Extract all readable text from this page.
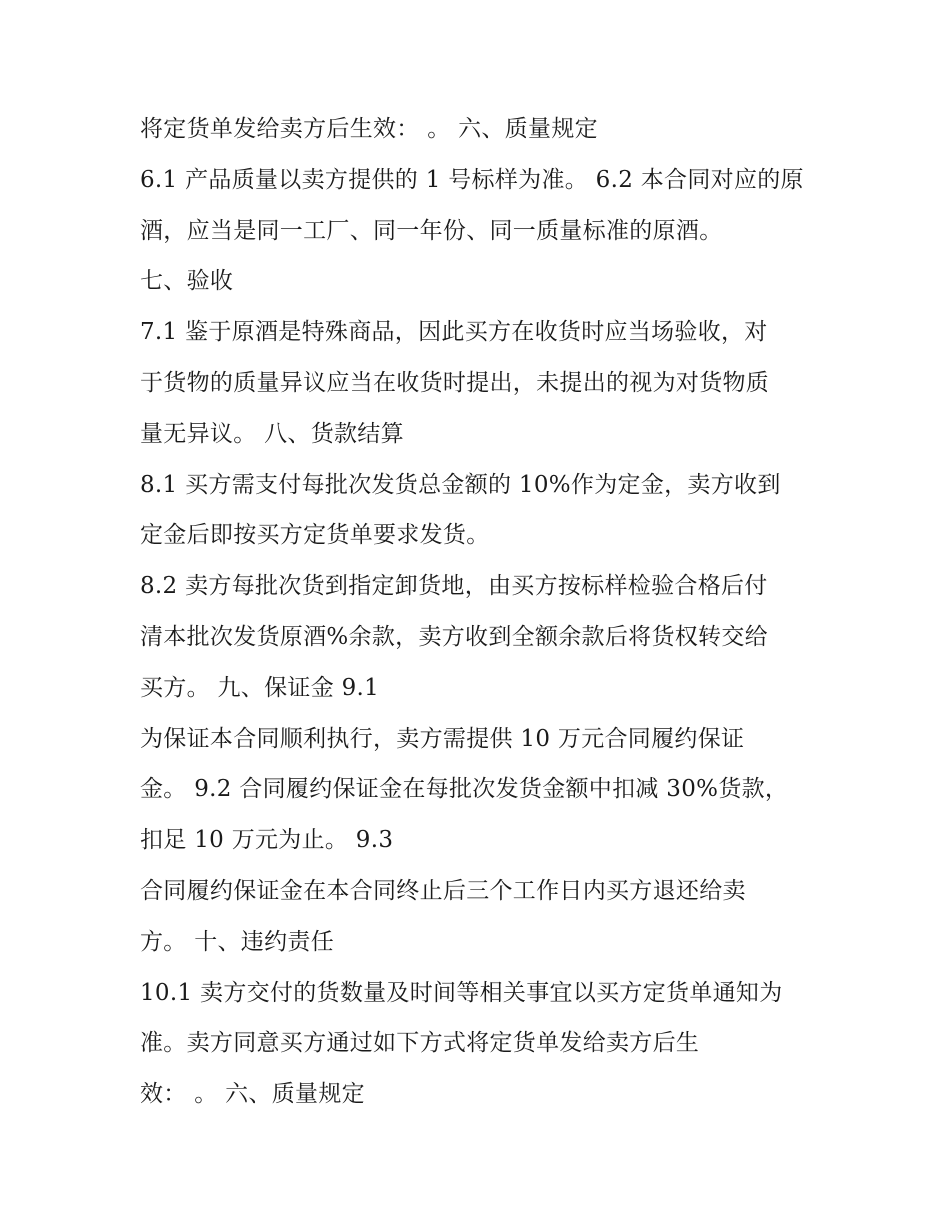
将定货单发给卖方后生效： 。 六、质量规定
6.1 产品质量以卖方提供的 1 号标样为准。 6.2 本合同对应的原
酒，应当是同一工厂、同一年份、同一质量标准的原酒。
七、验收
7.1 鉴于原酒是特殊商品，因此买方在收货时应当场验收，对
于货物的质量异议应当在收货时提出，未提出的视为对货物质
量无异议。 八、货款结算
8.1 买方需支付每批次发货总金额的 10%作为定金，卖方收到
定金后即按买方定货单要求发货。
8.2 卖方每批次货到指定卸货地，由买方按标样检验合格后付
清本批次发货原酒%余款，卖方收到全额余款后将货权转交给
买方。 九、保证金 9.1
为保证本合同顺利执行，卖方需提供 10 万元合同履约保证
金。 9.2 合同履约保证金在每批次发货金额中扣减 30%货款，
扣足 10 万元为止。 9.3
合同履约保证金在本合同终止后三个工作日内买方退还给卖
方。 十、违约责任
10.1 卖方交付的货数量及时间等相关事宜以买方定货单通知为
准。卖方同意买方通过如下方式将定货单发给卖方后生
效： 。 六、质量规定
